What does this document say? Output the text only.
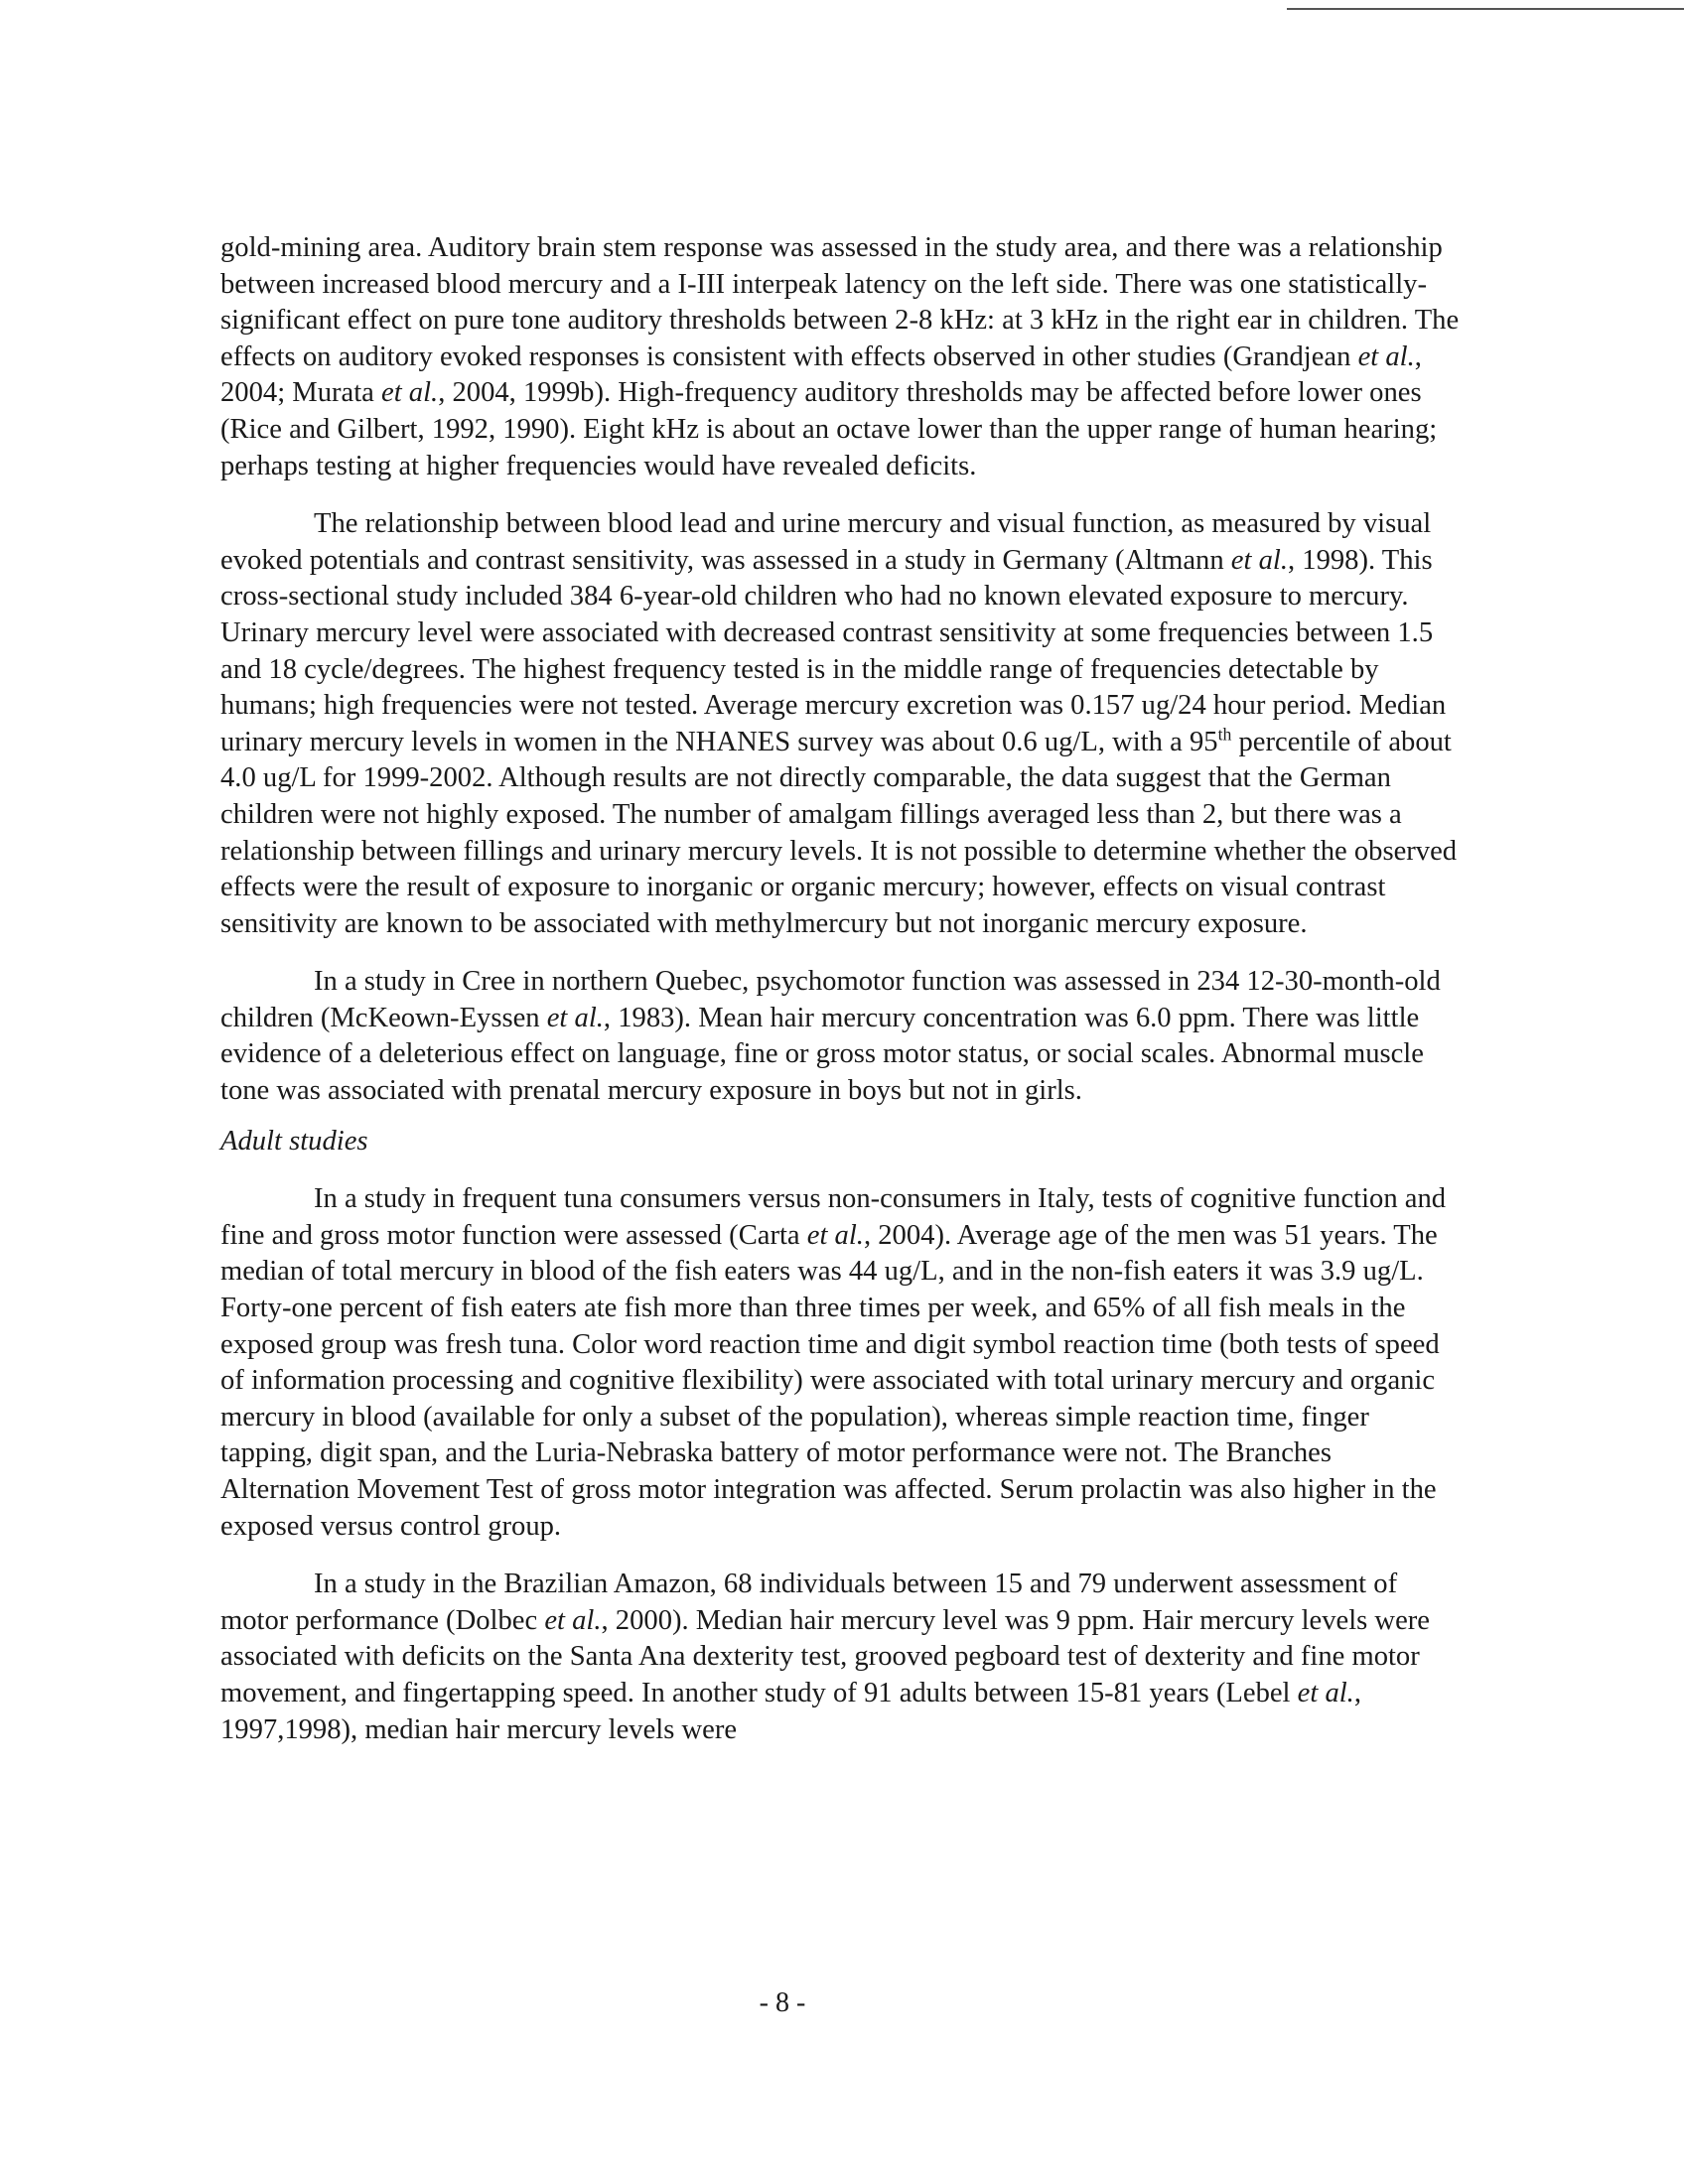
gold-mining area. Auditory brain stem response was assessed in the study area, and there was a relationship between increased blood mercury and a I-III interpeak latency on the left side. There was one statistically-significant effect on pure tone auditory thresholds between 2-8 kHz: at 3 kHz in the right ear in children. The effects on auditory evoked responses is consistent with effects observed in other studies (Grandjean et al., 2004; Murata et al., 2004, 1999b). High-frequency auditory thresholds may be affected before lower ones (Rice and Gilbert, 1992, 1990). Eight kHz is about an octave lower than the upper range of human hearing; perhaps testing at higher frequencies would have revealed deficits.

The relationship between blood lead and urine mercury and visual function, as measured by visual evoked potentials and contrast sensitivity, was assessed in a study in Germany (Altmann et al., 1998). This cross-sectional study included 384 6-year-old children who had no known elevated exposure to mercury. Urinary mercury level were associated with decreased contrast sensitivity at some frequencies between 1.5 and 18 cycle/degrees. The highest frequency tested is in the middle range of frequencies detectable by humans; high frequencies were not tested. Average mercury excretion was 0.157 ug/24 hour period. Median urinary mercury levels in women in the NHANES survey was about 0.6 ug/L, with a 95th percentile of about 4.0 ug/L for 1999-2002. Although results are not directly comparable, the data suggest that the German children were not highly exposed. The number of amalgam fillings averaged less than 2, but there was a relationship between fillings and urinary mercury levels. It is not possible to determine whether the observed effects were the result of exposure to inorganic or organic mercury; however, effects on visual contrast sensitivity are known to be associated with methylmercury but not inorganic mercury exposure.

In a study in Cree in northern Quebec, psychomotor function was assessed in 234 12-30-month-old children (McKeown-Eyssen et al., 1983). Mean hair mercury concentration was 6.0 ppm. There was little evidence of a deleterious effect on language, fine or gross motor status, or social scales. Abnormal muscle tone was associated with prenatal mercury exposure in boys but not in girls.

Adult studies

In a study in frequent tuna consumers versus non-consumers in Italy, tests of cognitive function and fine and gross motor function were assessed (Carta et al., 2004). Average age of the men was 51 years. The median of total mercury in blood of the fish eaters was 44 ug/L, and in the non-fish eaters it was 3.9 ug/L. Forty-one percent of fish eaters ate fish more than three times per week, and 65% of all fish meals in the exposed group was fresh tuna. Color word reaction time and digit symbol reaction time (both tests of speed of information processing and cognitive flexibility) were associated with total urinary mercury and organic mercury in blood (available for only a subset of the population), whereas simple reaction time, finger tapping, digit span, and the Luria-Nebraska battery of motor performance were not. The Branches Alternation Movement Test of gross motor integration was affected. Serum prolactin was also higher in the exposed versus control group.

In a study in the Brazilian Amazon, 68 individuals between 15 and 79 underwent assessment of motor performance (Dolbec et al., 2000). Median hair mercury level was 9 ppm. Hair mercury levels were associated with deficits on the Santa Ana dexterity test, grooved pegboard test of dexterity and fine motor movement, and fingertapping speed. In another study of 91 adults between 15-81 years (Lebel et al., 1997,1998), median hair mercury levels were

- 8 -
